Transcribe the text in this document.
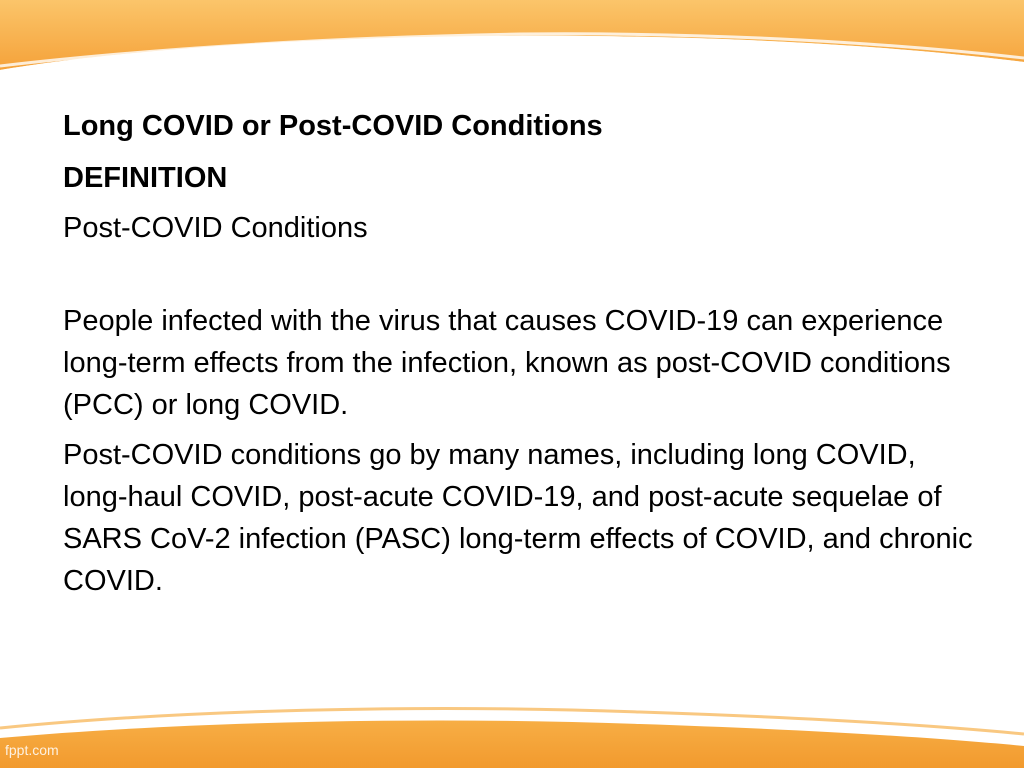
Long COVID or Post-COVID Conditions
DEFINITION
Post-COVID Conditions

People infected with the virus that causes COVID-19 can experience long-term effects from the infection, known as post-COVID conditions (PCC) or long COVID.

Post-COVID conditions go by many names, including long COVID, long-haul COVID, post-acute COVID-19, and post-acute sequelae of SARS CoV-2 infection (PASC) long-term effects of COVID, and chronic COVID.

fppt.com
